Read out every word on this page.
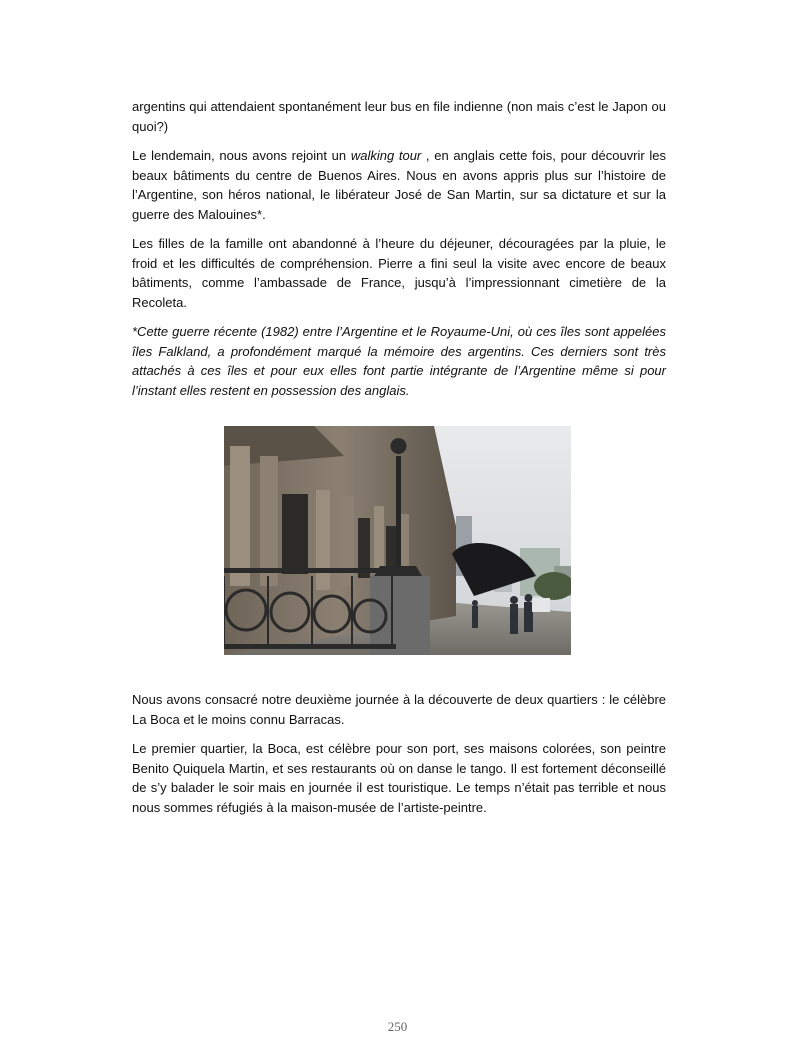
argentins qui attendaient spontanément leur bus en file indienne (non mais c’est le Japon ou quoi?)

Le lendemain, nous avons rejoint un walking tour , en anglais cette fois, pour découvrir les beaux bâtiments du centre de Buenos Aires. Nous en avons appris plus sur l’histoire de l’Argentine, son héros national, le libérateur José de San Martin, sur sa dictature et sur la guerre des Malouines*.

Les filles de la famille ont abandonné à l’heure du déjeuner, découragées par la pluie, le froid et les difficultés de compréhension. Pierre a fini seul la visite avec encore de beaux bâtiments, comme l’ambassade de France, jusqu’à l’impressionnant cimetière de la Recoleta.

*Cette guerre récente (1982) entre l’Argentine et le Royaume-Uni, où ces îles sont appelées îles Falkland, a profondément marqué la mémoire des argentins. Ces derniers sont très attachés à ces îles et pour eux elles font partie intégrante de l’Argentine même si pour l’instant elles restent en possession des anglais.

Nous avons consacré notre deuxième journée à la découverte de deux quartiers : le célèbre La Boca et le moins connu Barracas.

Le premier quartier, la Boca, est célèbre pour son port, ses maisons colorées, son peintre Benito Quiquela Martin, et ses restaurants où on danse le tango. Il est fortement déconseillé de s’y balader le soir mais en journée il est touristique. Le temps n’était pas terrible et nous nous sommes réfugiés à la maison-musée de l’artiste-peintre.

250
